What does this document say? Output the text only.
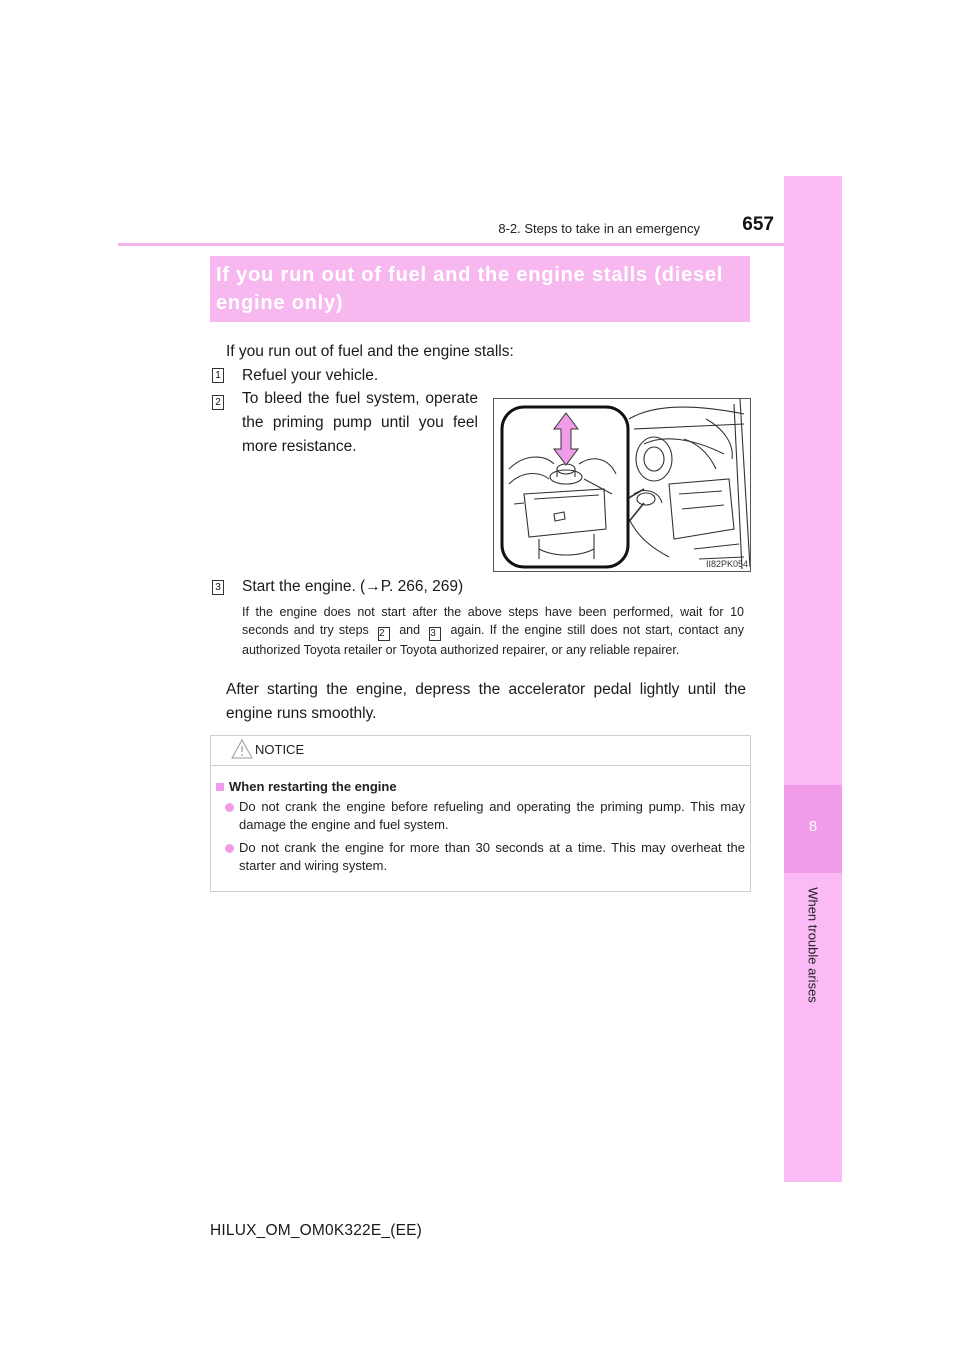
8
When trouble arises
8-2. Steps to take in an emergency	657
If you run out of fuel and the engine stalls (diesel engine only)
If you run out of fuel and the engine stalls:
1 Refuel your vehicle.
2 To bleed the fuel system, operate the priming pump until you feel more resistance.
II82PK054
3 Start the engine. (→P. 266, 269)
If the engine does not start after the above steps have been performed, wait for 10 seconds and try steps 2 and 3 again. If the engine still does not start, contact any authorized Toyota retailer or Toyota authorized repairer, or any reliable repairer.
After starting the engine, depress the accelerator pedal lightly until the engine runs smoothly.
NOTICE
When restarting the engine
Do not crank the engine before refueling and operating the priming pump. This may damage the engine and fuel system.
Do not crank the engine for more than 30 seconds at a time. This may overheat the starter and wiring system.
HILUX_OM_OM0K322E_(EE)
